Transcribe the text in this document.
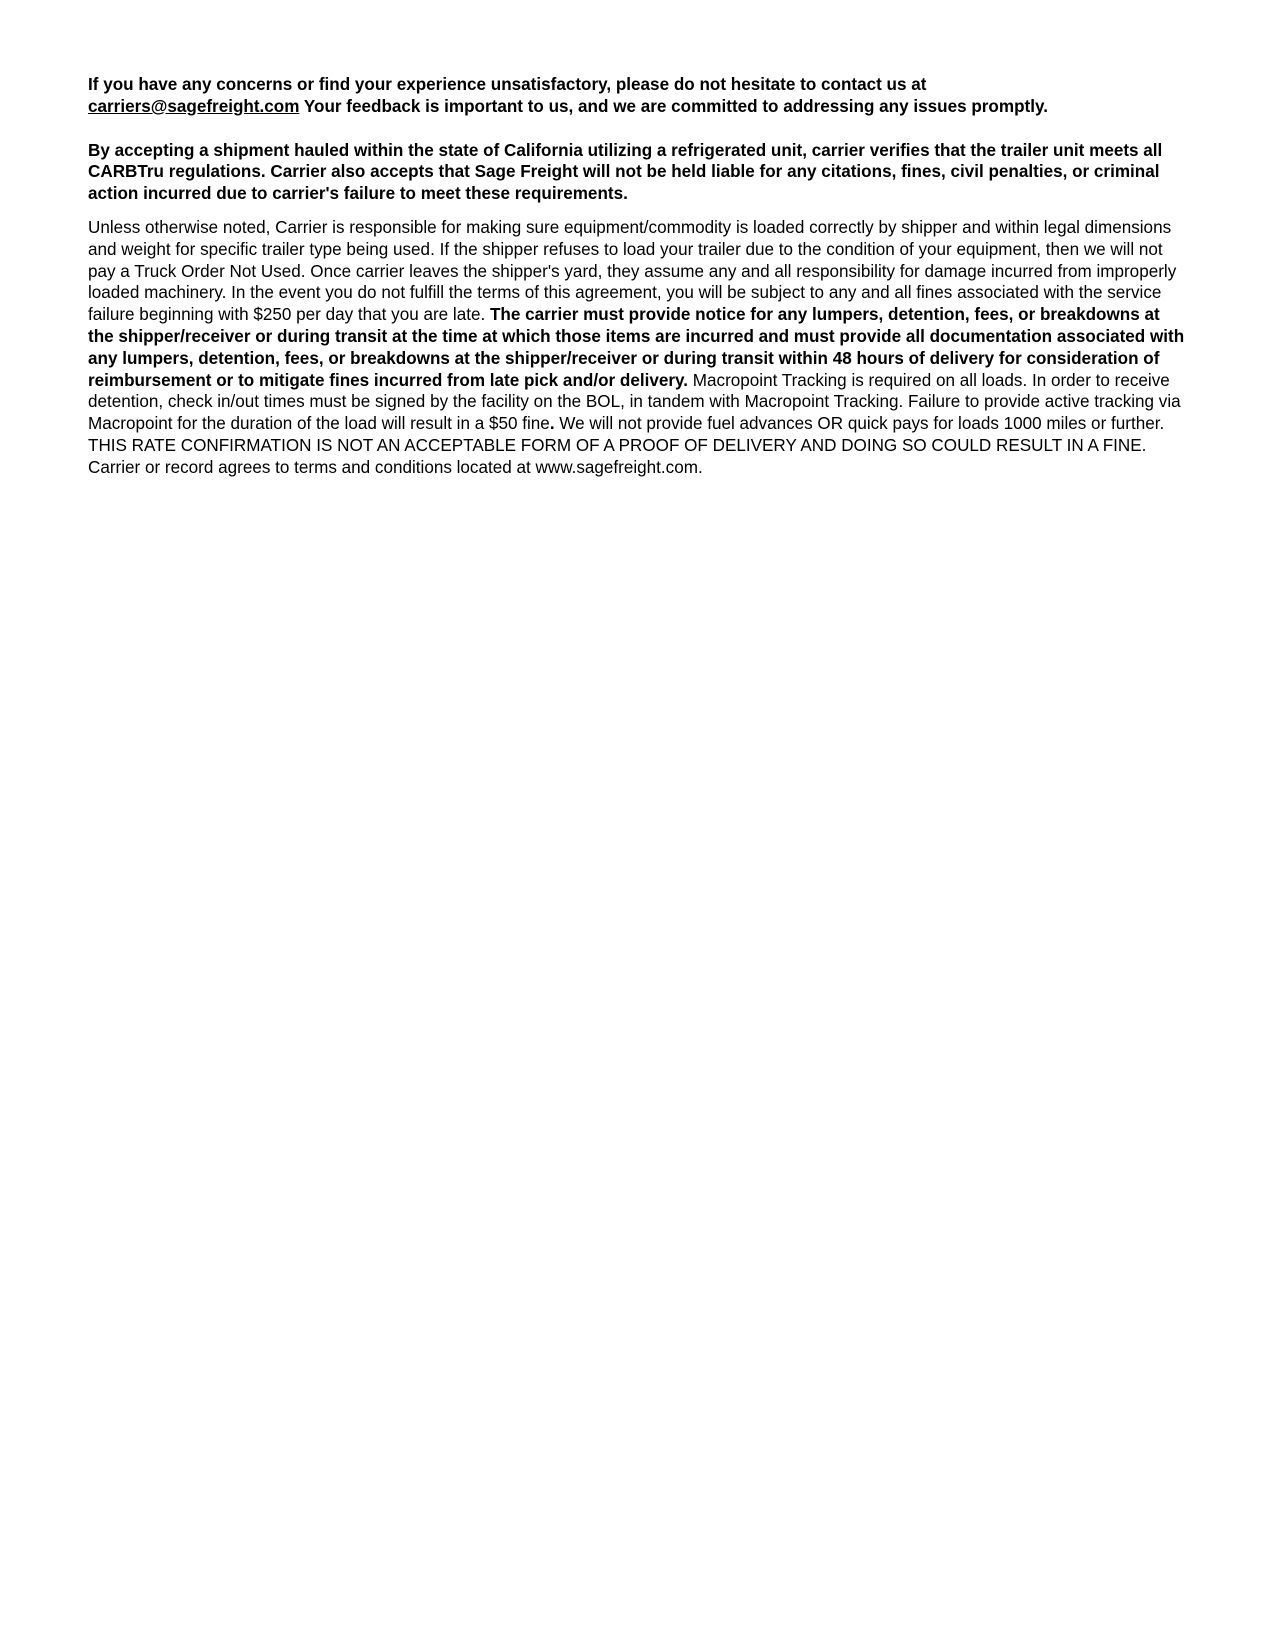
If you have any concerns or find your experience unsatisfactory, please do not hesitate to contact us at
carriers@sagefreight.com Your feedback is important to us, and we are committed to addressing any issues promptly.

By accepting a shipment hauled within the state of California utilizing a refrigerated unit, carrier verifies that the trailer unit meets all CARBTru regulations. Carrier also accepts that Sage Freight will not be held liable for any citations, fines, civil penalties, or criminal action incurred due to carrier's failure to meet these requirements.

Unless otherwise noted, Carrier is responsible for making sure equipment/commodity is loaded correctly by shipper and within legal dimensions and weight for specific trailer type being used. If the shipper refuses to load your trailer due to the condition of your equipment, then we will not pay a Truck Order Not Used. Once carrier leaves the shipper's yard, they assume any and all responsibility for damage incurred from improperly loaded machinery. In the event you do not fulfill the terms of this agreement, you will be subject to any and all fines associated with the service failure beginning with $250 per day that you are late. The carrier must provide notice for any lumpers, detention, fees, or breakdowns at the shipper/receiver or during transit at the time at which those items are incurred and must provide all documentation associated with any lumpers, detention, fees, or breakdowns at the shipper/receiver or during transit within 48 hours of delivery for consideration of reimbursement or to mitigate fines incurred from late pick and/or delivery. Macropoint Tracking is required on all loads. In order to receive detention, check in/out times must be signed by the facility on the BOL, in tandem with Macropoint Tracking. Failure to provide active tracking via Macropoint for the duration of the load will result in a $50 fine. We will not provide fuel advances OR quick pays for loads 1000 miles or further. THIS RATE CONFIRMATION IS NOT AN ACCEPTABLE FORM OF A PROOF OF DELIVERY AND DOING SO COULD RESULT IN A FINE. Carrier or record agrees to terms and conditions located at www.sagefreight.com.
